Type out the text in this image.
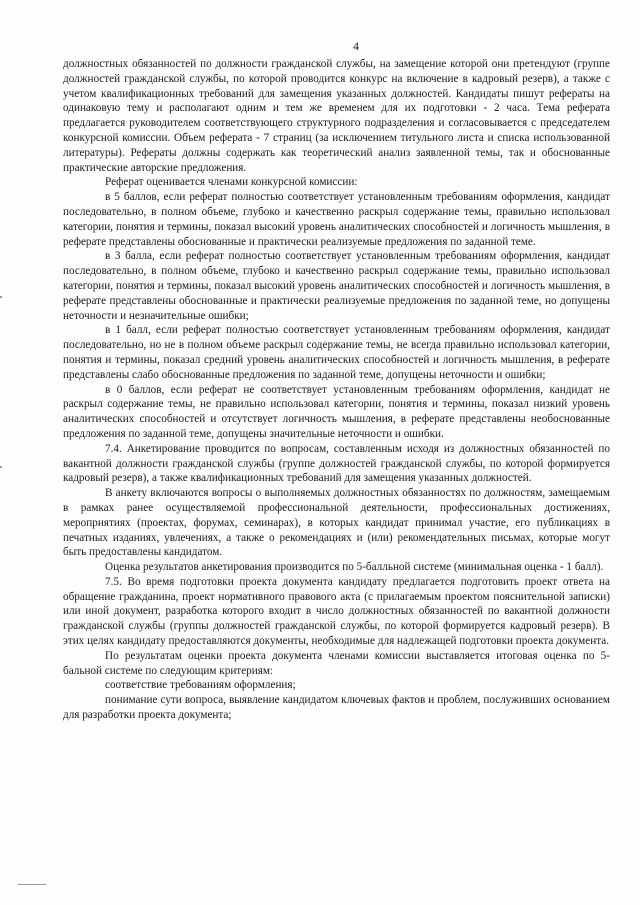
4

должностных обязанностей по должности гражданской службы, на замещение которой они претендуют (группе должностей гражданской службы, по которой проводится конкурс на включение в кадровый резерв), а также с учетом квалификационных требований для замещения указанных должностей. Кандидаты пишут рефераты на одинаковую тему и располагают одним и тем же временем для их подготовки - 2 часа. Тема реферата предлагается руководителем соответствующего структурного подразделения и согласовывается с председателем конкурсной комиссии. Объем реферата - 7 страниц (за исключением титульного листа и списка использованной литературы). Рефераты должны содержать как теоретический анализ заявленной темы, так и обоснованные практические авторские предложения.

Реферат оценивается членами конкурсной комиссии:

в 5 баллов, если реферат полностью соответствует установленным требованиям оформления, кандидат последовательно, в полном объеме, глубоко и качественно раскрыл содержание темы, правильно использовал категории, понятия и термины, показал высокий уровень аналитических способностей и логичность мышления, в реферате представлены обоснованные и практически реализуемые предложения по заданной теме.

в 3 балла, если реферат полностью соответствует установленным требованиям оформления, кандидат последовательно, в полном объеме, глубоко и качественно раскрыл содержание темы, правильно использовал категории, понятия и термины, показал высокий уровень аналитических способностей и логичность мышления, в реферате представлены обоснованные и практически реализуемые предложения по заданной теме, но допущены неточности и незначительные ошибки;

в 1 балл, если реферат полностью соответствует установленным требованиям оформления, кандидат последовательно, но не в полном объеме раскрыл содержание темы, не всегда правильно использовал категории, понятия и термины, показал средний уровень аналитических способностей и логичность мышления, в реферате представлены слабо обоснованные предложения по заданной теме, допущены неточности и ошибки;

в 0 баллов, если реферат не соответствует установленным требованиям оформления, кандидат не раскрыл содержание темы, не правильно использовал категории, понятия и термины, показал низкий уровень аналитических способностей и отсутствует логичность мышления, в реферате представлены необоснованные предложения по заданной теме, допущены значительные неточности и ошибки.

7.4. Анкетирование проводится по вопросам, составленным исходя из должностных обязанностей по вакантной должности гражданской службы (группе должностей гражданской службы, по которой формируется кадровый резерв), а также квалификационных требований для замещения указанных должностей.

В анкету включаются вопросы о выполняемых должностных обязанностях по должностям, замещаемым в рамках ранее осуществляемой профессиональной деятельности, профессиональных достижениях, мероприятиях (проектах, форумах, семинарах), в которых кандидат принимал участие, его публикациях в печатных изданиях, увлечениях, а также о рекомендациях и (или) рекомендательных письмах, которые могут быть предоставлены кандидатом.

Оценка результатов анкетирования производится по 5-балльной системе (минимальная оценка - 1 балл).

7.5. Во время подготовки проекта документа кандидату предлагается подготовить проект ответа на обращение гражданина, проект нормативного правового акта (с прилагаемым проектом пояснительной записки) или иной документ, разработка которого входит в число должностных обязанностей по вакантной должности гражданской службы (группы должностей гражданской службы, по которой формируется кадровый резерв). В этих целях кандидату предоставляются документы, необходимые для надлежащей подготовки проекта документа.

По результатам оценки проекта документа членами комиссии выставляется итоговая оценка по 5-бальной системе по следующим критериям:

соответствие требованиям оформления;

понимание сути вопроса, выявление кандидатом ключевых фактов и проблем, послуживших основанием для разработки проекта документа;
